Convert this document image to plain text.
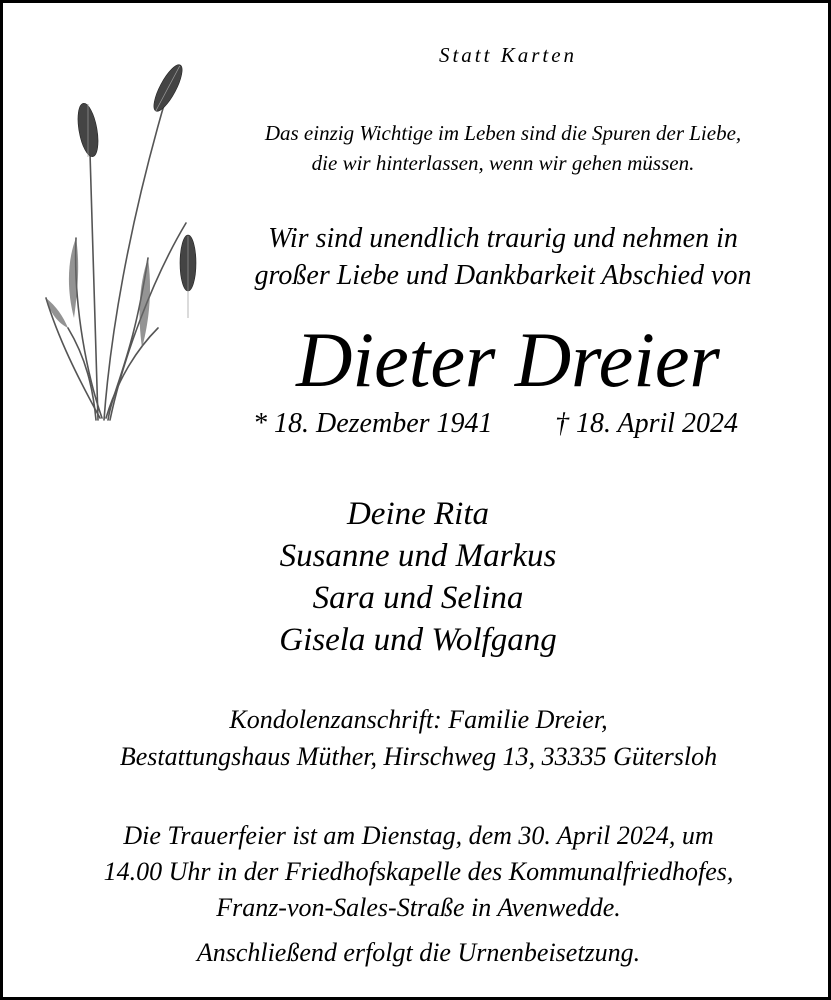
Statt Karten
Das einzig Wichtige im Leben sind die Spuren der Liebe,
die wir hinterlassen, wenn wir gehen müssen.
Wir sind unendlich traurig und nehmen in
großer Liebe und Dankbarkeit Abschied von
Dieter Dreier
* 18. Dezember 1941 † 18. April 2024
Deine Rita
Susanne und Markus
Sara und Selina
Gisela und Wolfgang
Kondolenzanschrift: Familie Dreier,
Bestattungshaus Müther, Hirschweg 13, 33335 Gütersloh
Die Trauerfeier ist am Dienstag, dem 30. April 2024, um
14.00 Uhr in der Friedhofskapelle des Kommunalfriedhofes,
Franz-von-Sales-Straße in Avenwedde.
Anschließend erfolgt die Urnenbeisetzung.
